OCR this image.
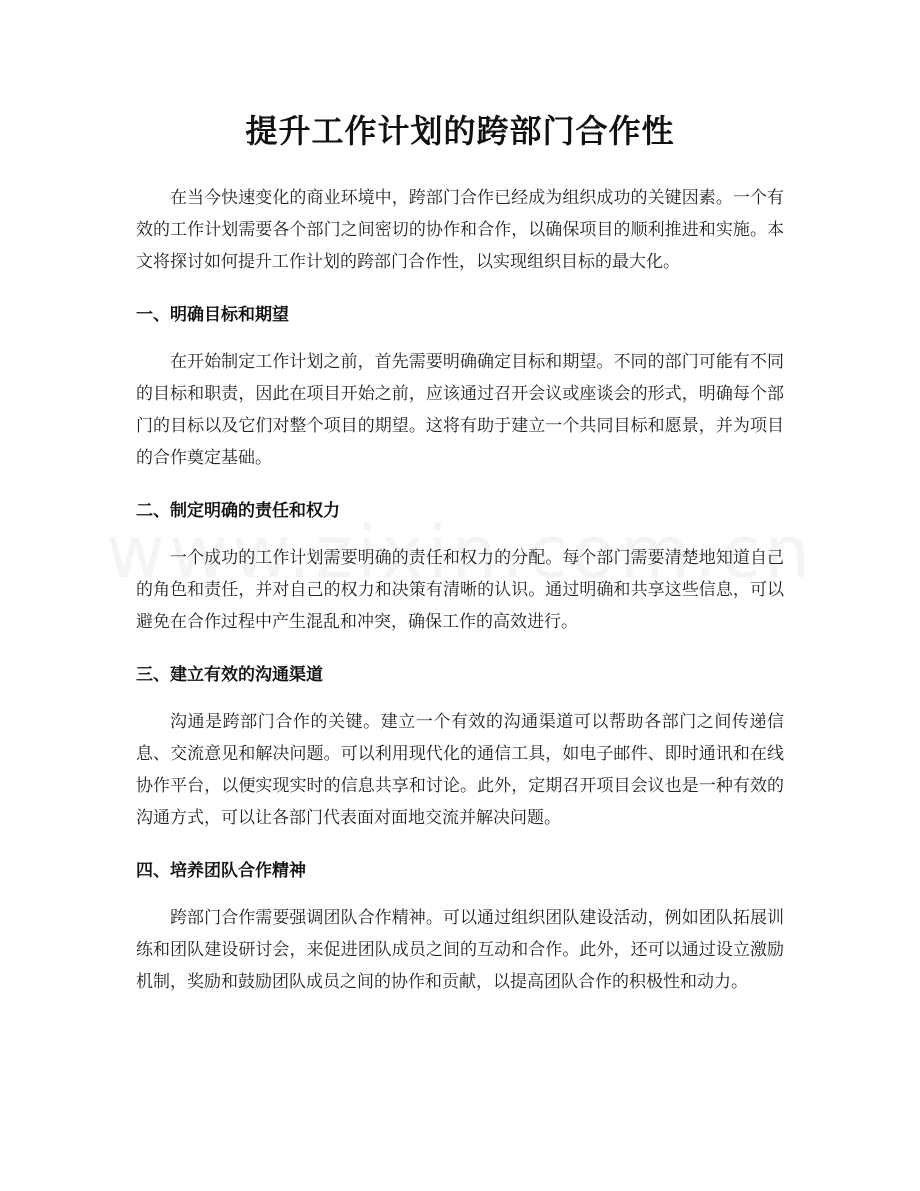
提升工作计划的跨部门合作性

在当今快速变化的商业环境中，跨部门合作已经成为组织成功的关键因素。一个有效的工作计划需要各个部门之间密切的协作和合作，以确保项目的顺利推进和实施。本文将探讨如何提升工作计划的跨部门合作性，以实现组织目标的最大化。

一、明确目标和期望

在开始制定工作计划之前，首先需要明确确定目标和期望。不同的部门可能有不同的目标和职责，因此在项目开始之前，应该通过召开会议或座谈会的形式，明确每个部门的目标以及它们对整个项目的期望。这将有助于建立一个共同目标和愿景，并为项目的合作奠定基础。

二、制定明确的责任和权力

一个成功的工作计划需要明确的责任和权力的分配。每个部门需要清楚地知道自己的角色和责任，并对自己的权力和决策有清晰的认识。通过明确和共享这些信息，可以避免在合作过程中产生混乱和冲突，确保工作的高效进行。

三、建立有效的沟通渠道

沟通是跨部门合作的关键。建立一个有效的沟通渠道可以帮助各部门之间传递信息、交流意见和解决问题。可以利用现代化的通信工具，如电子邮件、即时通讯和在线协作平台，以便实现实时的信息共享和讨论。此外，定期召开项目会议也是一种有效的沟通方式，可以让各部门代表面对面地交流并解决问题。

四、培养团队合作精神

跨部门合作需要强调团队合作精神。可以通过组织团队建设活动，例如团队拓展训练和团队建设研讨会，来促进团队成员之间的互动和合作。此外，还可以通过设立激励机制，奖励和鼓励团队成员之间的协作和贡献，以提高团队合作的积极性和动力。
